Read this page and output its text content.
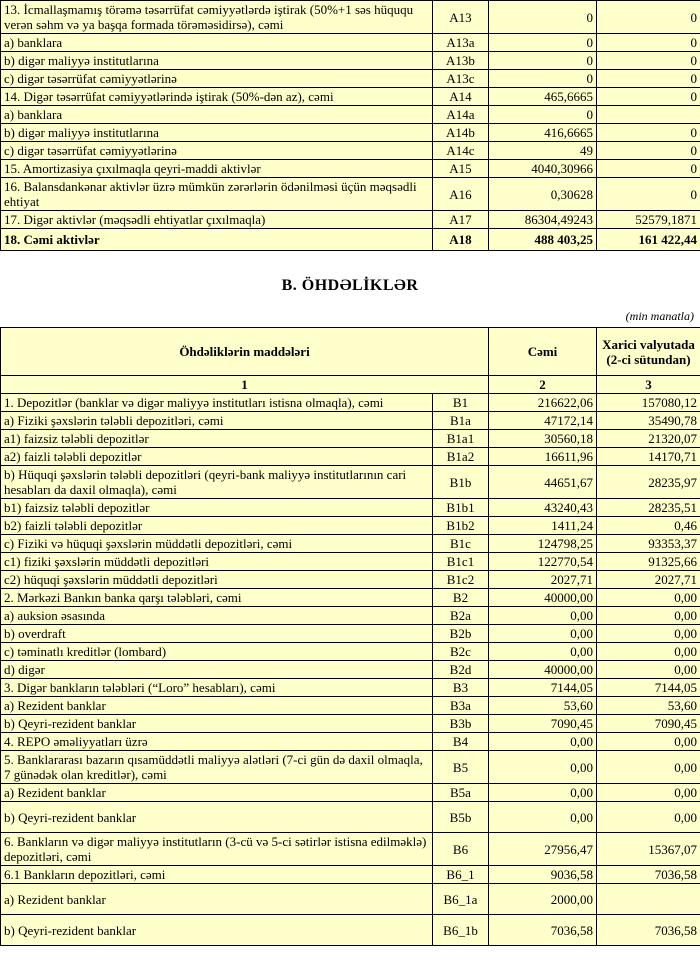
13. İcmallaşmamış törəmə təsərrüfat cəmiyyətlərdə iştirak (50%+1 səs hüququ verən səhm və ya başqa formada törəməsidirsə), cəmi	A13	0	0
a) banklara	A13a	0	0
b) digər maliyyə institutlarına	A13b	0	0
c) digər təsərrüfat cəmiyyətlərinə	A13c	0	0
14. Digər təsərrüfat cəmiyyətlərində iştirak (50%-dən az), cəmi	A14	465,6665	0
a) banklara	A14a	0	
b) digər maliyyə institutlarına	A14b	416,6665	0
c) digər təsərrüfat cəmiyyətlərinə	A14c	49	0
15. Amortizasiya çıxılmaqla qeyri-maddi aktivlər	A15	4040,30966	0
16. Balansdankənar aktivlər üzrə mümkün zərərlərin ödənilməsi üçün məqsədli ehtiyat	A16	0,30628	0
17. Digər aktivlər (məqsədli ehtiyatlar çıxılmaqla)	A17	86304,49243	52579,1871
18. Cəmi aktivlər	A18	488 403,25	161 422,44
B. ÖHDƏLİKLƏR
(min manatla)
Öhdəliklərin maddələri		Cəmi	Xarici valyutada (2-ci sütundan)
1		2	3
1. Depozitlər (banklar və digər maliyyə institutları istisna olmaqla), cəmi	B1	216622,06	157080,12
a) Fiziki şəxslərin tələbli depozitləri, cəmi	B1a	47172,14	35490,78
a1) faizsiz tələbli depozitlər	B1a1	30560,18	21320,07
a2) faizli tələbli depozitlər	B1a2	16611,96	14170,71
b) Hüquqi şəxslərin tələbli depozitləri (qeyri-bank maliyyə institutlarının cari hesabları da daxil olmaqla), cəmi	B1b	44651,67	28235,97
b1) faizsiz tələbli depozitlər	B1b1	43240,43	28235,51
b2) faizli tələbli depozitlər	B1b2	1411,24	0,46
c) Fiziki və hüquqi şəxslərin müddətli depozitləri, cəmi	B1c	124798,25	93353,37
c1) fiziki şəxslərin müddətli depozitləri	B1c1	122770,54	91325,66
c2) hüquqi şəxslərin müddətli depozitləri	B1c2	2027,71	2027,71
2. Mərkəzi Bankın banka qarşı tələbləri, cəmi	B2	40000,00	0,00
a) auksion əsasında	B2a	0,00	0,00
b) overdraft	B2b	0,00	0,00
c) təminatlı kreditlər (lombard)	B2c	0,00	0,00
d) digər	B2d	40000,00	0,00
3. Digər bankların tələbləri (“Loro” hesabları), cəmi	B3	7144,05	7144,05
a) Rezident banklar	B3a	53,60	53,60
b) Qeyri-rezident banklar	B3b	7090,45	7090,45
4. REPO əməliyyatları üzrə	B4	0,00	0,00
5. Banklararası bazarın qısamüddətli maliyyə alətləri (7-ci gün də daxil olmaqla, 7 günədək olan kreditlər), cəmi	B5	0,00	0,00
a) Rezident banklar	B5a	0,00	0,00
b) Qeyri-rezident banklar	B5b	0,00	0,00
6. Bankların və digər maliyyə institutların (3-cü və 5-ci sətirlər istisna edilməklə) depozitləri, cəmi	B6	27956,47	15367,07
6.1 Bankların depozitləri, cəmi	B6_1	9036,58	7036,58
a) Rezident banklar	B6_1a	2000,00	
b) Qeyri-rezident banklar	B6_1b	7036,58	7036,58
